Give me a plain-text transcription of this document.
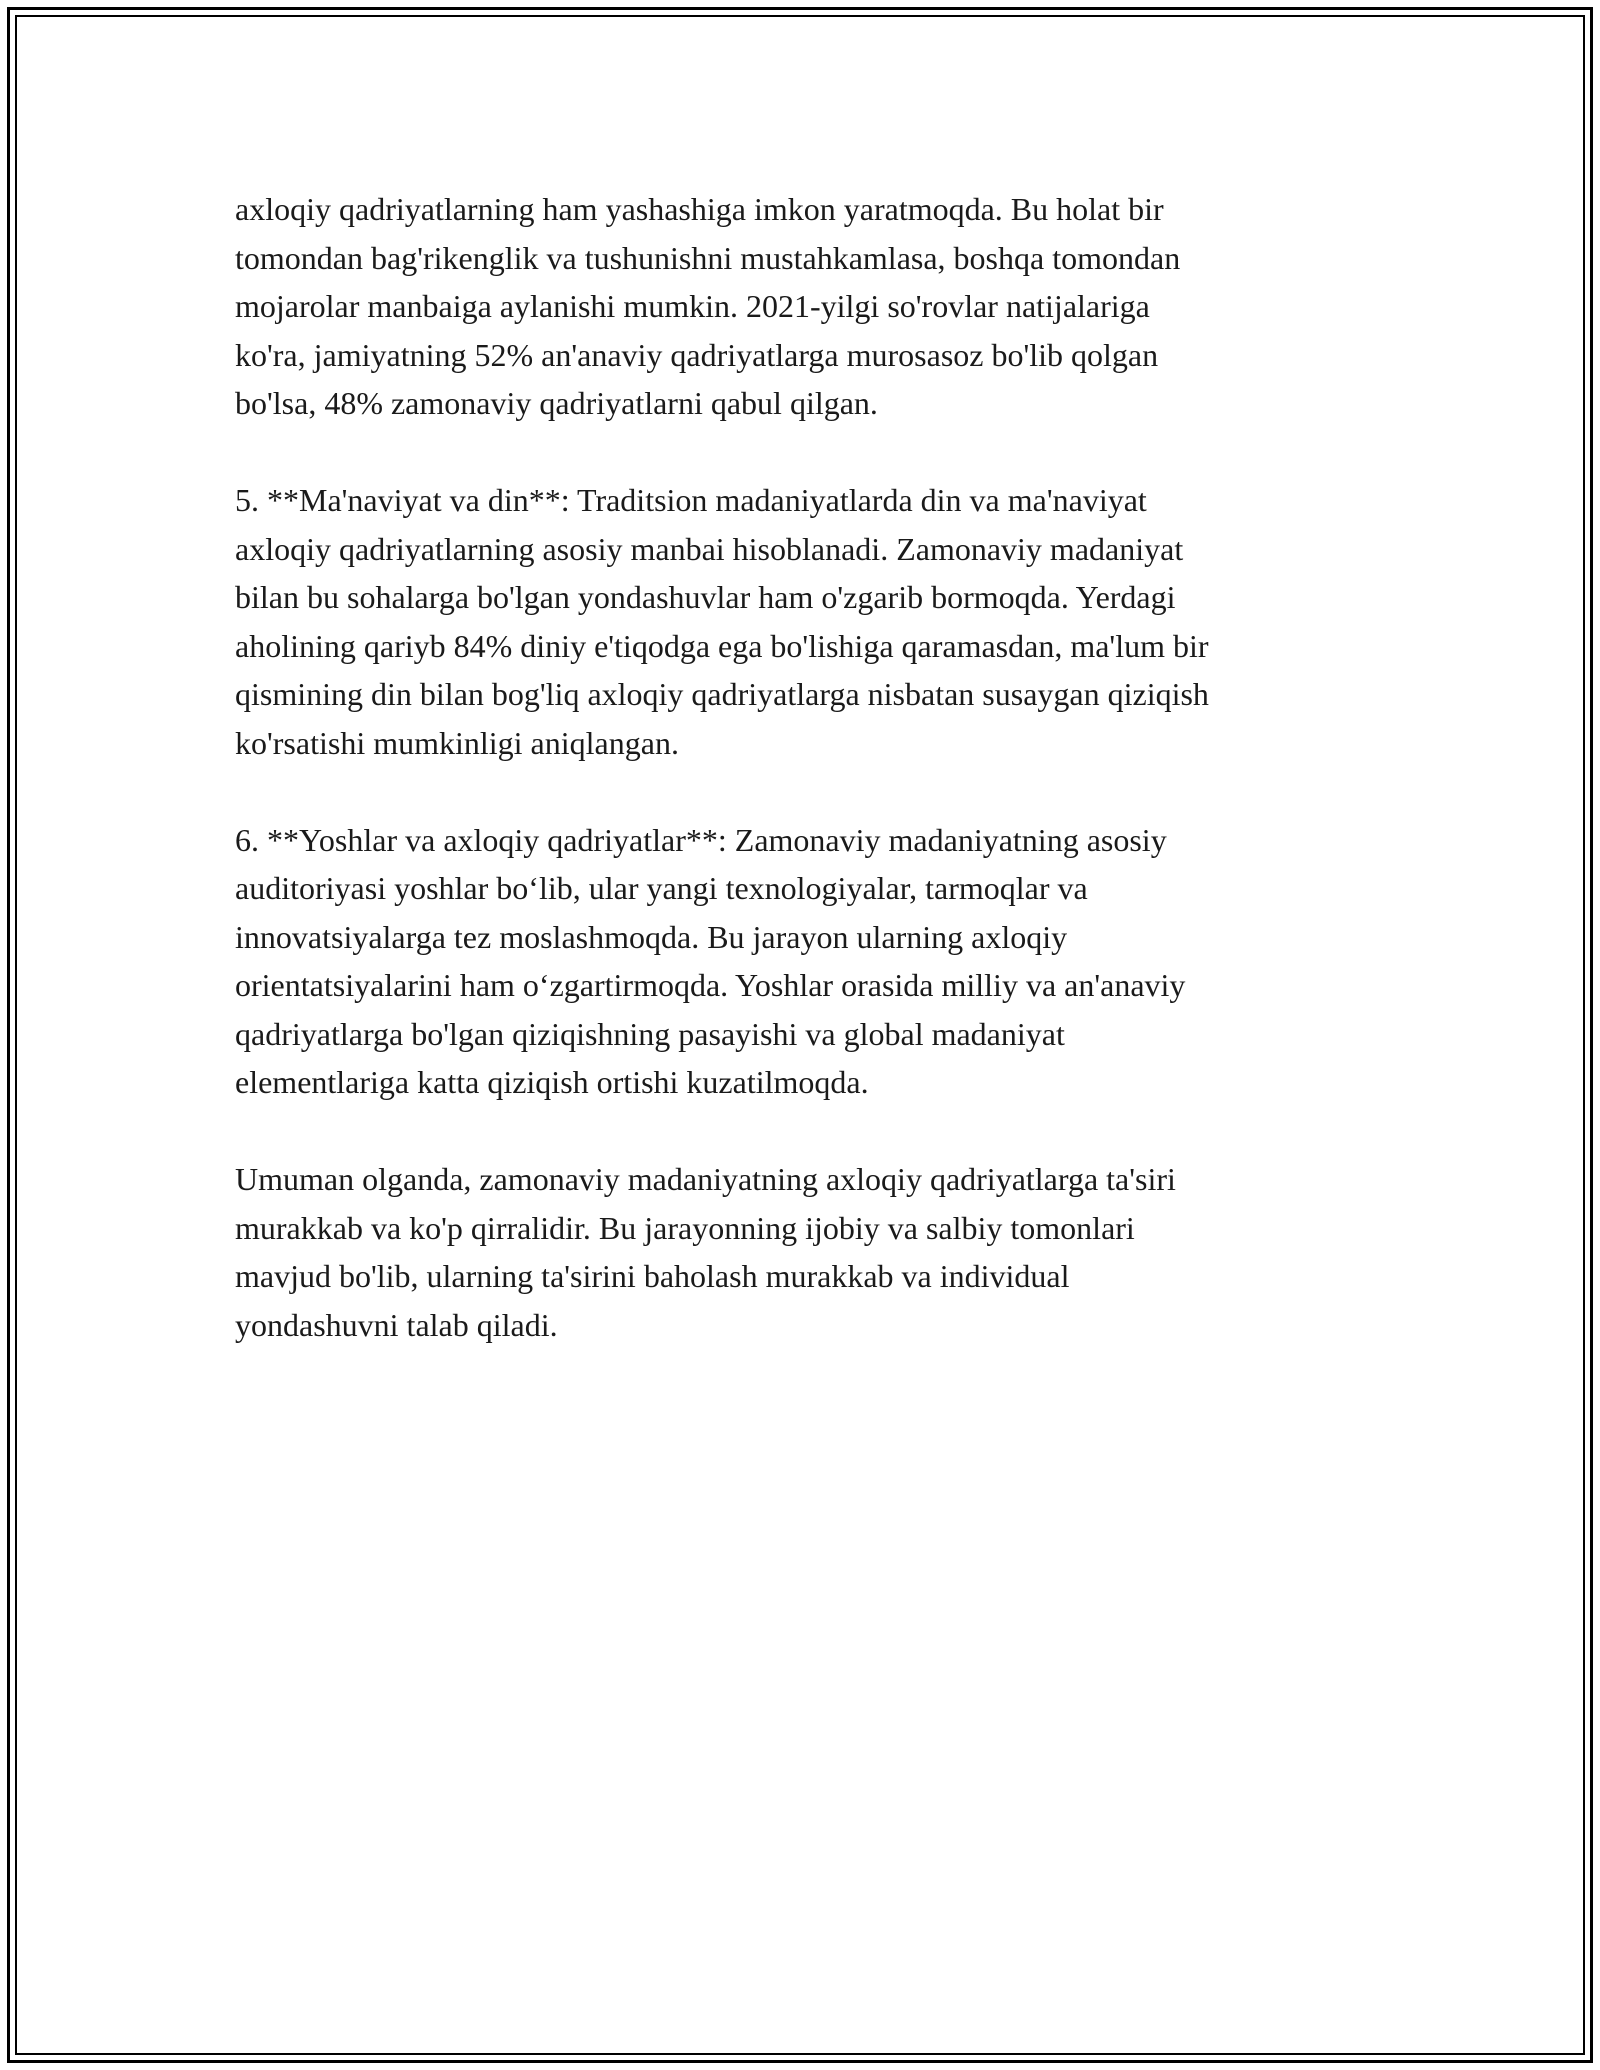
axloqiy qadriyatlarning ham yashashiga imkon yaratmoqda. Bu holat bir
tomondan bag'rikenglik va tushunishni mustahkamlasa, boshqa tomondan
mojarolar manbaiga aylanishi mumkin. 2021-yilgi so'rovlar natijalariga
ko'ra, jamiyatning 52% an'anaviy qadriyatlarga murosasoz bo'lib qolgan
bo'lsa, 48% zamonaviy qadriyatlarni qabul qilgan.

5. **Ma'naviyat va din**: Traditsion madaniyatlarda din va ma'naviyat
axloqiy qadriyatlarning asosiy manbai hisoblanadi. Zamonaviy madaniyat
bilan bu sohalarga bo'lgan yondashuvlar ham o'zgarib bormoqda. Yerdagi
aholining qariyb 84% diniy e'tiqodga ega bo'lishiga qaramasdan, ma'lum bir
qismining din bilan bog'liq axloqiy qadriyatlarga nisbatan susaygan qiziqish
ko'rsatishi mumkinligi aniqlangan.

6. **Yoshlar va axloqiy qadriyatlar**: Zamonaviy madaniyatning asosiy
auditoriyasi yoshlar bo‘lib, ular yangi texnologiyalar, tarmoqlar va
innovatsiyalarga tez moslashmoqda. Bu jarayon ularning axloqiy
orientatsiyalarini ham o‘zgartirmoqda. Yoshlar orasida milliy va an'anaviy
qadriyatlarga bo'lgan qiziqishning pasayishi va global madaniyat
elementlariga katta qiziqish ortishi kuzatilmoqda.

Umuman olganda, zamonaviy madaniyatning axloqiy qadriyatlarga ta'siri
murakkab va ko'p qirralidir. Bu jarayonning ijobiy va salbiy tomonlari
mavjud bo'lib, ularning ta'sirini baholash murakkab va individual
yondashuvni talab qiladi.
